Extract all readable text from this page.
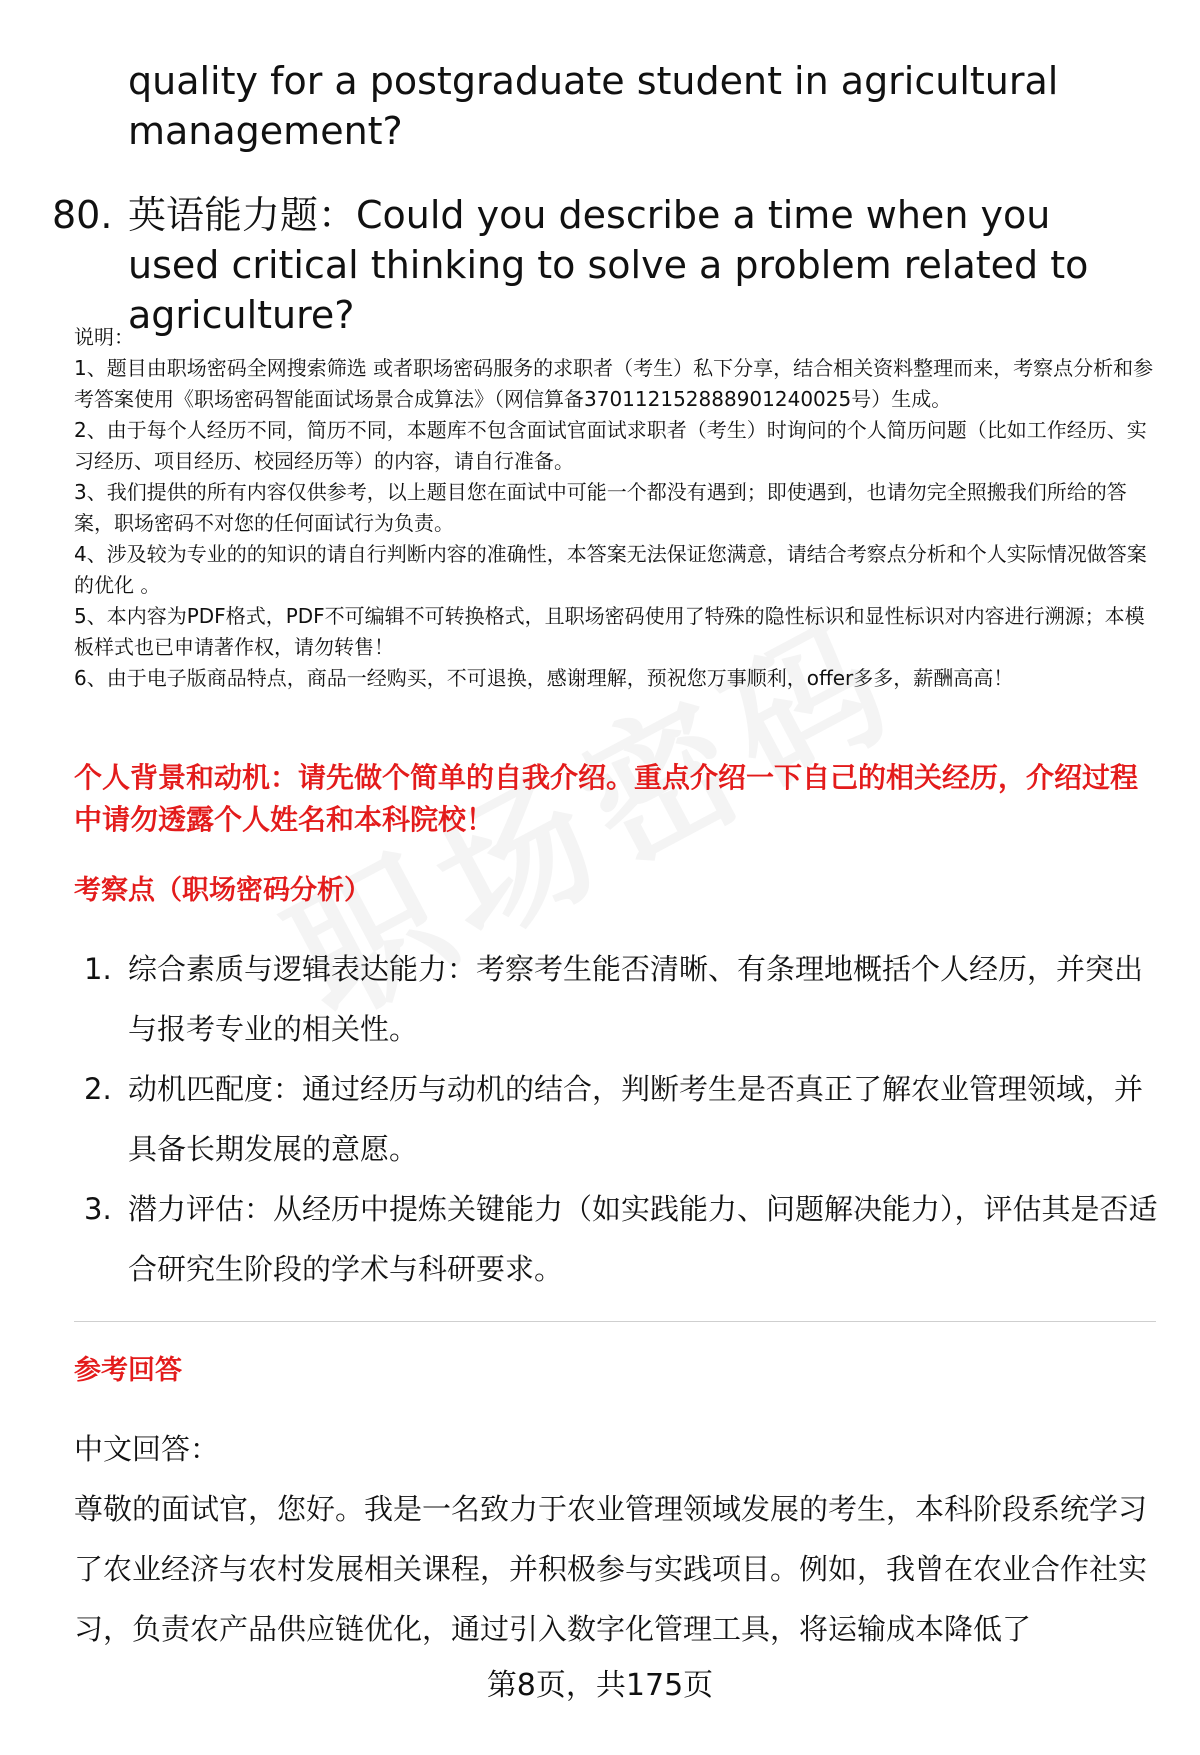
quality for a postgraduate student in agricultural management?
80. 英语能力题：Could you describe a time when you used critical thinking to solve a problem related to agriculture?

说明：

1、题目由职场密码全网搜索筛选 或者职场密码服务的求职者（考生）私下分享，结合相关资料整理而来，考察点分析和参考答案使用《职场密码智能面试场景合成算法》（网信算备370112152888901240025号）生成。

2、由于每个人经历不同，简历不同，本题库不包含面试官面试求职者（考生）时询问的个人简历问题（比如工作经历、实习经历、项目经历、校园经历等）的内容，请自行准备。

3、我们提供的所有内容仅供参考，以上题目您在面试中可能一个都没有遇到；即使遇到，也请勿完全照搬我们所给的答案，职场密码不对您的任何面试行为负责。

4、涉及较为专业的的知识的请自行判断内容的准确性，本答案无法保证您满意，请结合考察点分析和个人实际情况做答案的优化 。

5、本内容为PDF格式，PDF不可编辑不可转换格式，且职场密码使用了特殊的隐性标识和显性标识对内容进行溯源；本模板样式也已申请著作权，请勿转售！

6、由于电子版商品特点，商品一经购买，不可退换，感谢理解，预祝您万事顺利，offer多多，薪酬高高！

个人背景和动机：请先做个简单的自我介绍。重点介绍一下自己的相关经历，介绍过程中请勿透露个人姓名和本科院校！
考察点（职场密码分析）
1. 综合素质与逻辑表达能力：考察考生能否清晰、有条理地概括个人经历，并突出与报考专业的相关性。
2. 动机匹配度：通过经历与动机的结合，判断考生是否真正了解农业管理领域，并具备长期发展的意愿。
3. 潜力评估：从经历中提炼关键能力（如实践能力、问题解决能力），评估其是否适合研究生阶段的学术与科研要求。
参考回答

中文回答：

尊敬的面试官，您好。我是一名致力于农业管理领域发展的考生，本科阶段系统学习了农业经济与农村发展相关课程，并积极参与实践项目。例如，我曾在农业合作社实习，负责农产品供应链优化，通过引入数字化管理工具，将运输成本降低了

第8页，共175页
